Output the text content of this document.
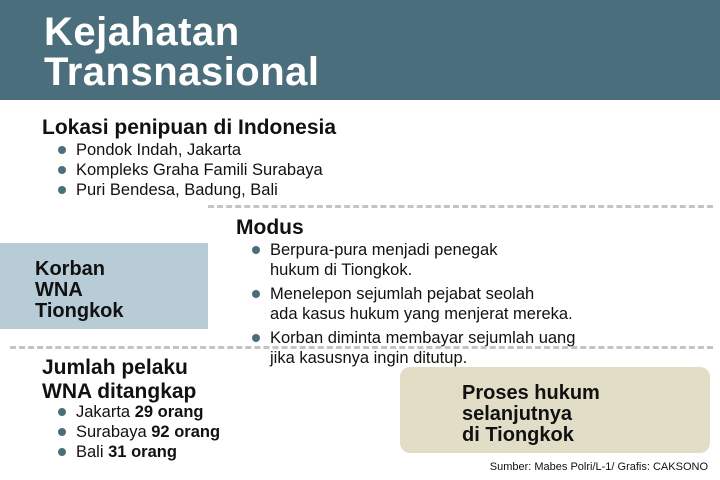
Kejahatan
Transnasional
Lokasi penipuan di Indonesia
Pondok Indah, Jakarta
Kompleks Graha Famili Surabaya
Puri Bendesa, Badung, Bali
Modus
Berpura-pura menjadi penegak
hukum di Tiongkok.
Menelepon sejumlah pejabat seolah
ada kasus hukum yang menjerat mereka.
Korban diminta membayar sejumlah uang
jika kasusnya ingin ditutup.

Korban
WNA
Tiongkok

Jumlah pelaku
WNA ditangkap
Jakarta 29 orang
Surabaya 92 orang
Bali 31 orang

Proses hukum
selanjutnya
di Tiongkok

Sumber: Mabes Polri/L-1/ Grafis: CAKSONO
